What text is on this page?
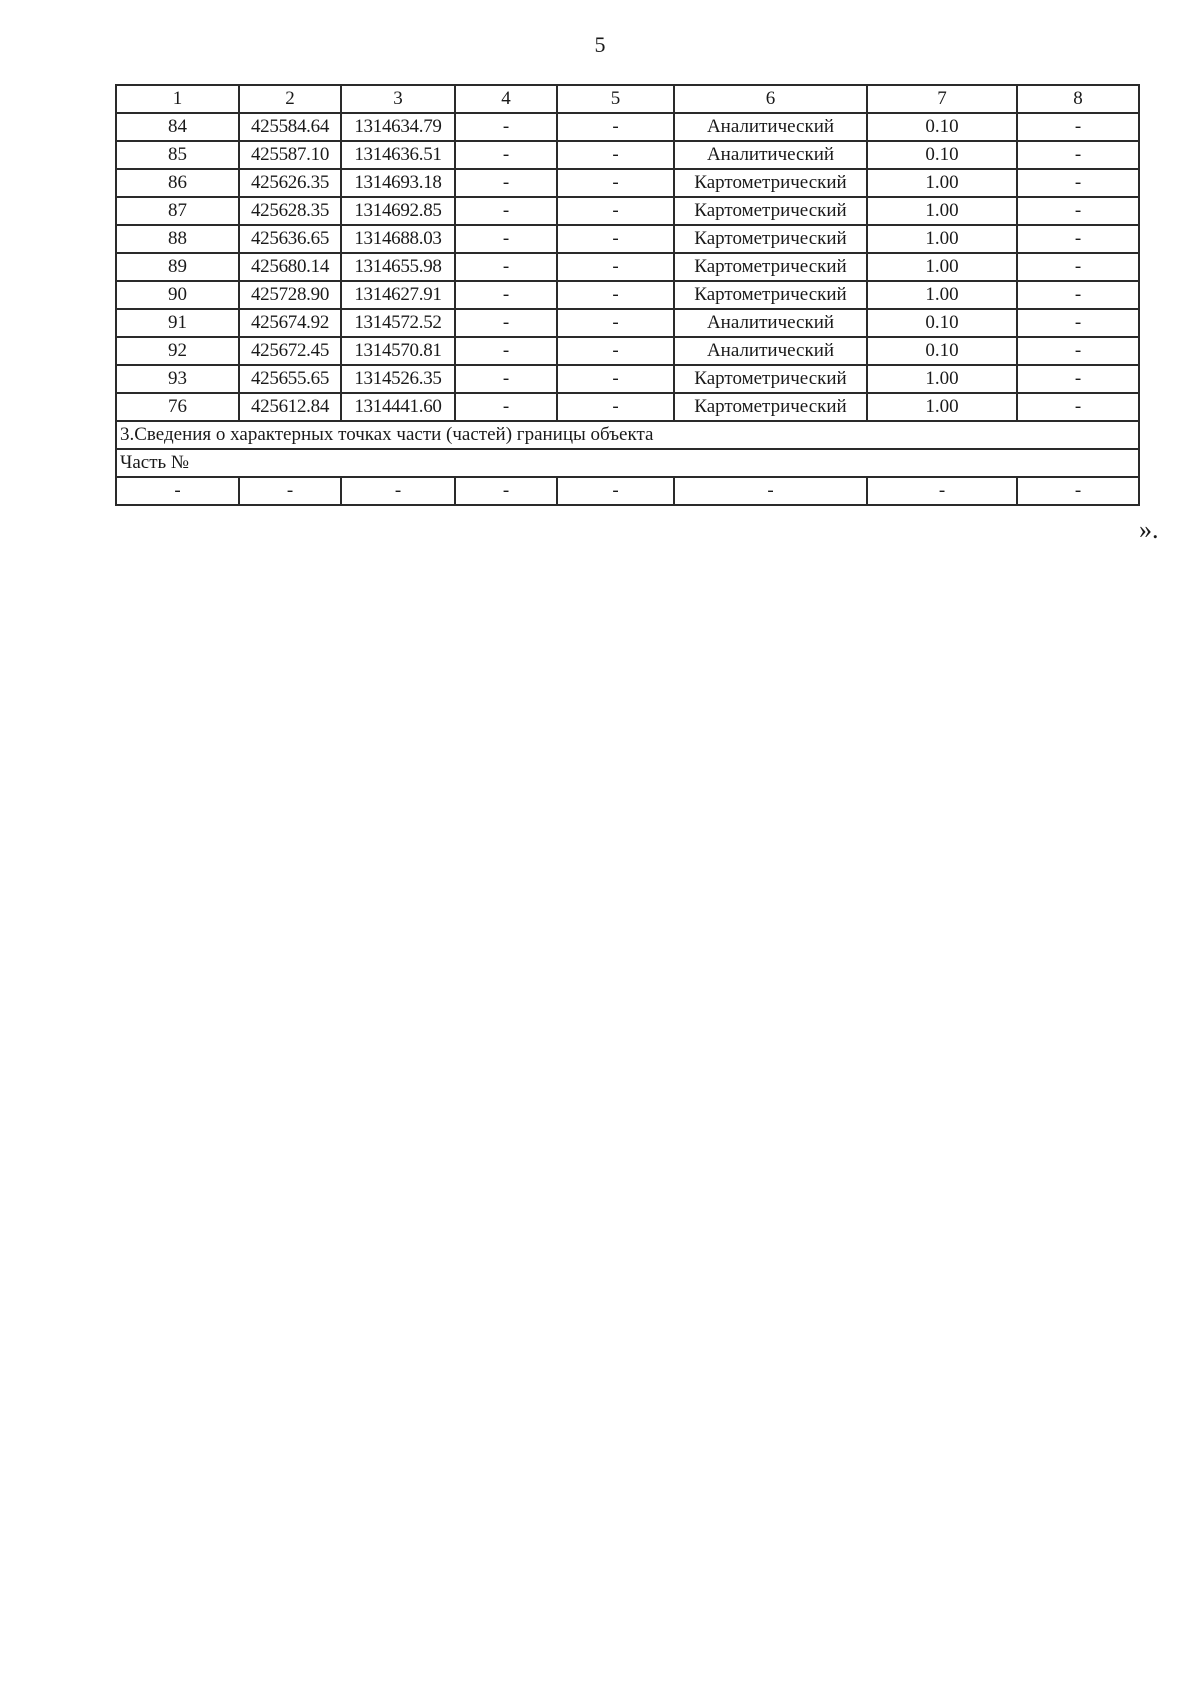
5
1	2	3	4	5	6	7	8
84	425584.64	1314634.79	-	-	Аналитический	0.10	-
85	425587.10	1314636.51	-	-	Аналитический	0.10	-
86	425626.35	1314693.18	-	-	Картометрический	1.00	-
87	425628.35	1314692.85	-	-	Картометрический	1.00	-
88	425636.65	1314688.03	-	-	Картометрический	1.00	-
89	425680.14	1314655.98	-	-	Картометрический	1.00	-
90	425728.90	1314627.91	-	-	Картометрический	1.00	-
91	425674.92	1314572.52	-	-	Аналитический	0.10	-
92	425672.45	1314570.81	-	-	Аналитический	0.10	-
93	425655.65	1314526.35	-	-	Картометрический	1.00	-
76	425612.84	1314441.60	-	-	Картометрический	1.00	-
3.Сведения о характерных точках части (частей) границы объекта							
Часть №							
-	-	-	-	-	-	-	-
».
